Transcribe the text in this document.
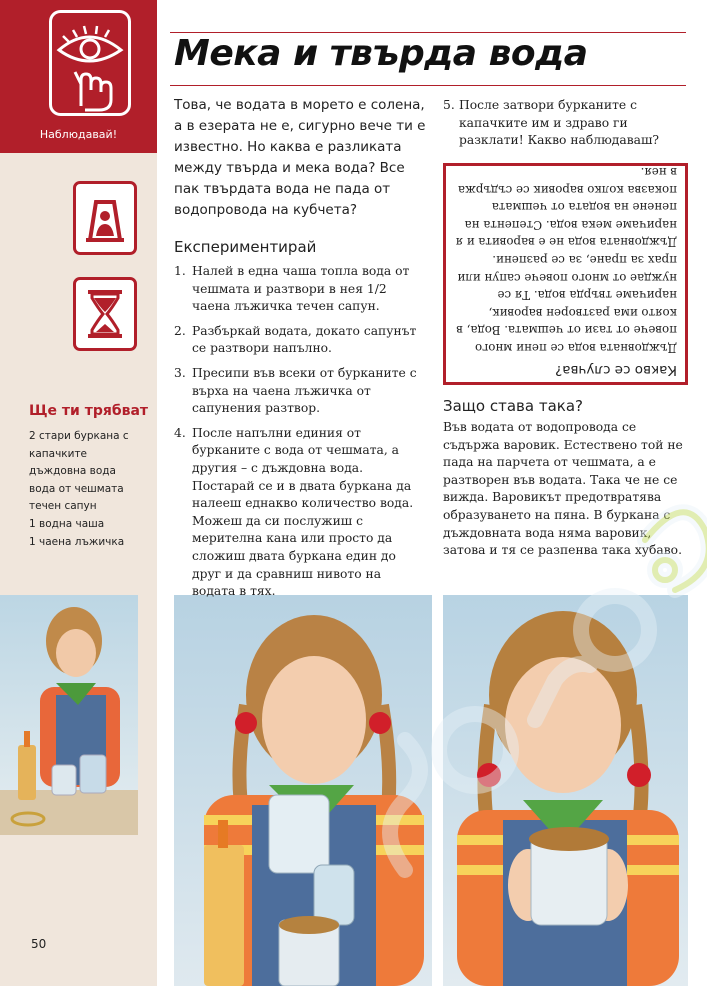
Наблюдавай!
Ще ти трябват
2 стари буркана с капачките
дъждовна вода
вода от чешмата
течен сапун
1 водна чаша
1 чаена лъжичка
Мека и твърда вода

Това, че водата в морето е солена, а в езерата не е, сигурно вече ти е известно. Но каква е разликата между твърда и мека вода? Все пак твърдата вода не пада от водопровода на кубчета?

Експериментирай
1. Налей в една чаша топла вода от чешмата и разтвори в нея 1/2 чаена лъжичка течен сапун.
2. Разбъркай водата, докато сапунът се разтвори напълно.
3. Пресипи във всеки от бурканите с върха на чаена лъжичка от сапунения разтвор.
4. После напълни единия от бурканите с вода от чешмата, а другия – с дъждовна вода. Постарай се и в двата буркана да налееш еднакво количество вода. Можеш да си послужиш с мерителна кана или просто да сложиш двата буркана един до друг и да сравниш нивото на водата в тях.

5. После затвори бурканите с капачките им и здраво ги разклати! Какво наблюдаваш?

Какво се случва?

Дъждовната вода се пени много повече от тази от чешмата. Вода, в която има разтворен варовик, наричаме твърда вода. Тя се нуждае от много повече сапун или прах за пране, за се разпени. Дъждовната вода не е варовита и я наричаме мека вода. Степента на пенене на водата от чешмата показва колко варовик се съдържа в нея.

Защо става така?

Във водата от водопровода се съдържа варовик. Естествено той не пада на парчета от чешмата, а е разтворен във водата. Така че не се вижда. Варовикът предотвратява образуването на пяна. В буркана с дъждовната вода няма варовик, затова и тя се разпенва така хубаво.

50
